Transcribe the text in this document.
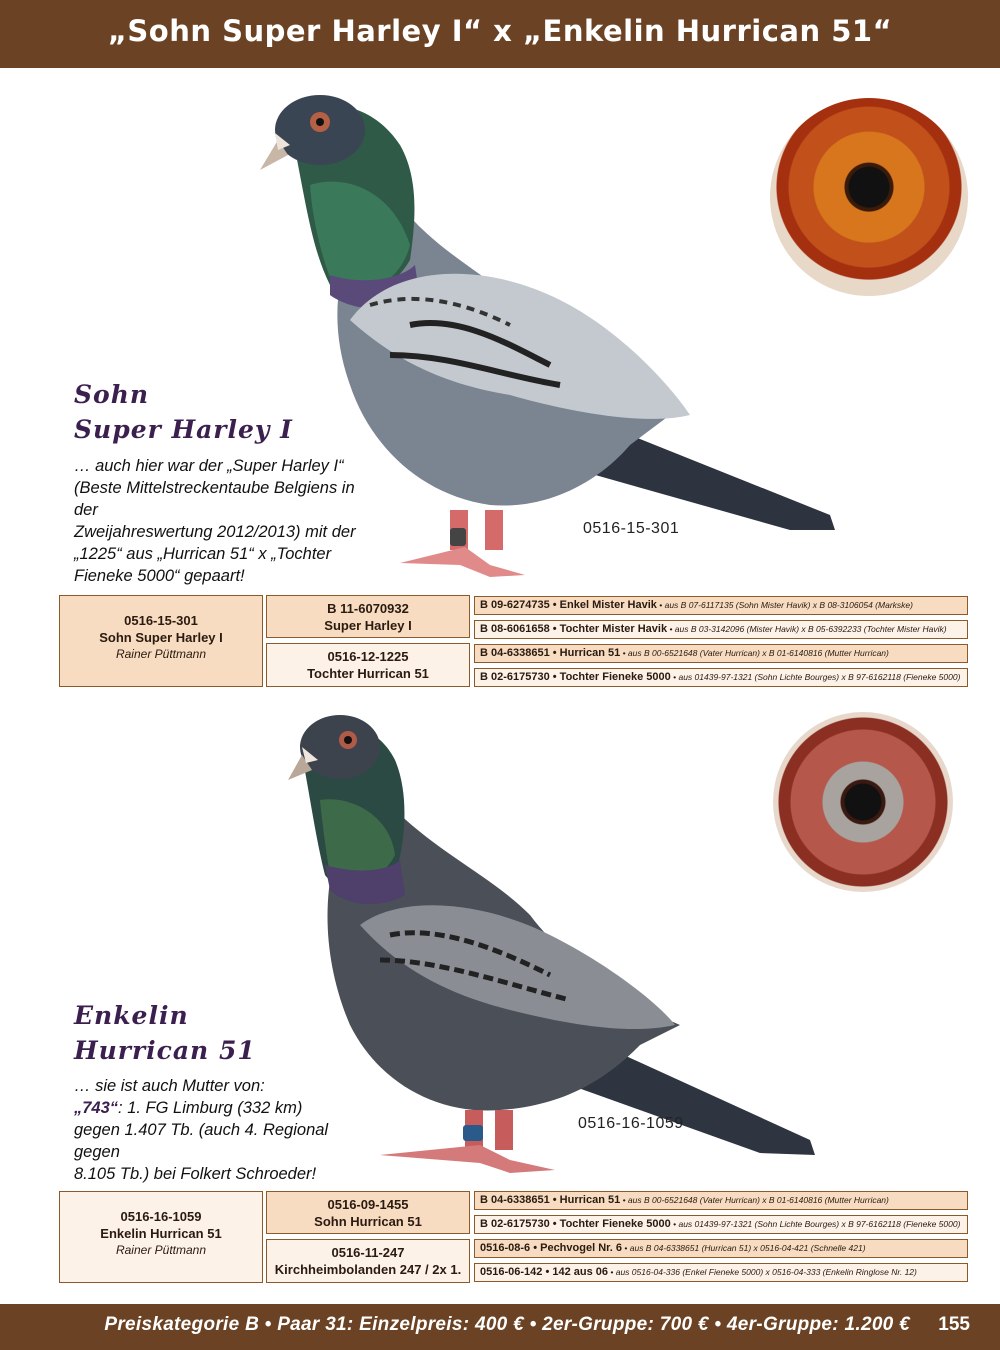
„Sohn Super Harley I“ x „Enkelin Hurrican 51“
Sohn
Super Harley I
… auch hier war der „Super Harley I“
(Beste Mittelstreckentaube Belgiens in der
Zweijahreswertung 2012/2013) mit der
„1225“ aus „Hurrican 51“ x „Tochter
Fieneke 5000“ gepaart!
0516-15-301
0516-15-301
Sohn Super Harley I
Rainer Püttmann
B 11-6070932
Super Harley I
0516-12-1225
Tochter Hurrican 51
B 09-6274735 • Enkel Mister Havik • aus B 07-6117135 (Sohn Mister Havik) x B 08-3106054 (Markske)
B 08-6061658 • Tochter Mister Havik • aus B 03-3142096 (Mister Havik) x B 05-6392233 (Tochter Mister Havik)
B 04-6338651 • Hurrican 51 • aus B 00-6521648 (Vater Hurrican) x B 01-6140816 (Mutter Hurrican)
B 02-6175730 • Tochter Fieneke 5000 • aus 01439-97-1321 (Sohn Lichte Bourges) x B 97-6162118 (Fieneke 5000)
Enkelin
Hurrican 51
… sie ist auch Mutter von:
„743“: 1. FG Limburg (332 km)
gegen 1.407 Tb. (auch 4. Regional gegen
8.105 Tb.) bei Folkert Schroeder!
0516-16-1059
0516-16-1059
Enkelin Hurrican 51
Rainer Püttmann
0516-09-1455
Sohn Hurrican 51
0516-11-247
Kirchheimbolanden 247 / 2x 1.
B 04-6338651 • Hurrican 51 • aus B 00-6521648 (Vater Hurrican) x B 01-6140816 (Mutter Hurrican)
B 02-6175730 • Tochter Fieneke 5000 • aus 01439-97-1321 (Sohn Lichte Bourges) x B 97-6162118 (Fieneke 5000)
0516-08-6 • Pechvogel Nr. 6 • aus B 04-6338651 (Hurrican 51) x 0516-04-421 (Schnelle 421)
0516-06-142 • 142 aus 06 • aus 0516-04-336 (Enkel Fieneke 5000) x 0516-04-333 (Enkelin Ringlose Nr. 12)
Preiskategorie B • Paar 31: Einzelpreis: 400 € • 2er-Gruppe: 700 € • 4er-Gruppe: 1.200 € 155
